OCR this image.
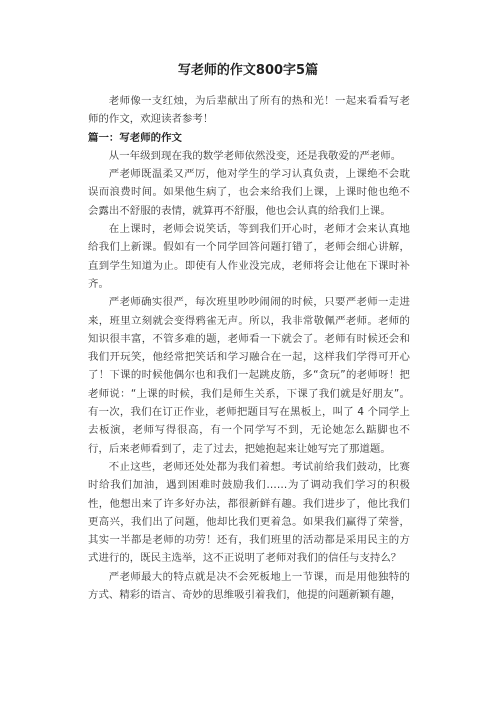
写老师的作文800字5篇

老师像一支红烛，为后辈献出了所有的热和光！一起来看看写老师的作文，欢迎读者参考！

篇一：写老师的作文

从一年级到现在我的数学老师依然没变，还是我敬爱的严老师。

严老师既温柔又严厉，他对学生的学习认真负责，上课绝不会耽误而浪费时间。如果他生病了，也会来给我们上课，上课时他也绝不会露出不舒服的表情，就算再不舒服，他也会认真的给我们上课。

在上课时，老师会说笑话，等到我们开心时，老师才会来认真地给我们上新课。假如有一个同学回答问题打错了，老师会细心讲解，直到学生知道为止。即使有人作业没完成，老师将会让他在下课时补齐。

严老师确实很严，每次班里吵吵闹闹的时候，只要严老师一走进来，班里立刻就会变得鸦雀无声。所以，我非常敬佩严老师。老师的知识很丰富，不管多难的题，老师看一下就会了。老师有时候还会和我们开玩笑，他经常把笑话和学习融合在一起，这样我们学得可开心了！下课的时候他偶尔也和我们一起跳皮筋，多“贪玩”的老师呀！把老师说：“上课的时候，我们是师生关系，下课了我们就是好朋友”。有一次，我们在订正作业，老师把题目写在黑板上，叫了 4 个同学上去板演，老师写得很高，有一个同学写不到，无论她怎么踮脚也不行，后来老师看到了，走了过去，把她抱起来让她写完了那道题。

不止这些，老师还处处都为我们着想。考试前给我们鼓动，比赛时给我们加油，遇到困难时鼓励我们……为了调动我们学习的积极性，他想出来了许多好办法，都很新鲜有趣。我们进步了，他比我们更高兴，我们出了问题，他却比我们更着急。如果我们赢得了荣誉，其实一半都是老师的功劳！还有，我们班里的活动都是采用民主的方式进行的，既民主选举，这不正说明了老师对我们的信任与支持么？

严老师最大的特点就是决不会死板地上一节课，而是用他独特的方式、精彩的语言、奇妙的思维吸引着我们，他提的问题新颖有趣，
